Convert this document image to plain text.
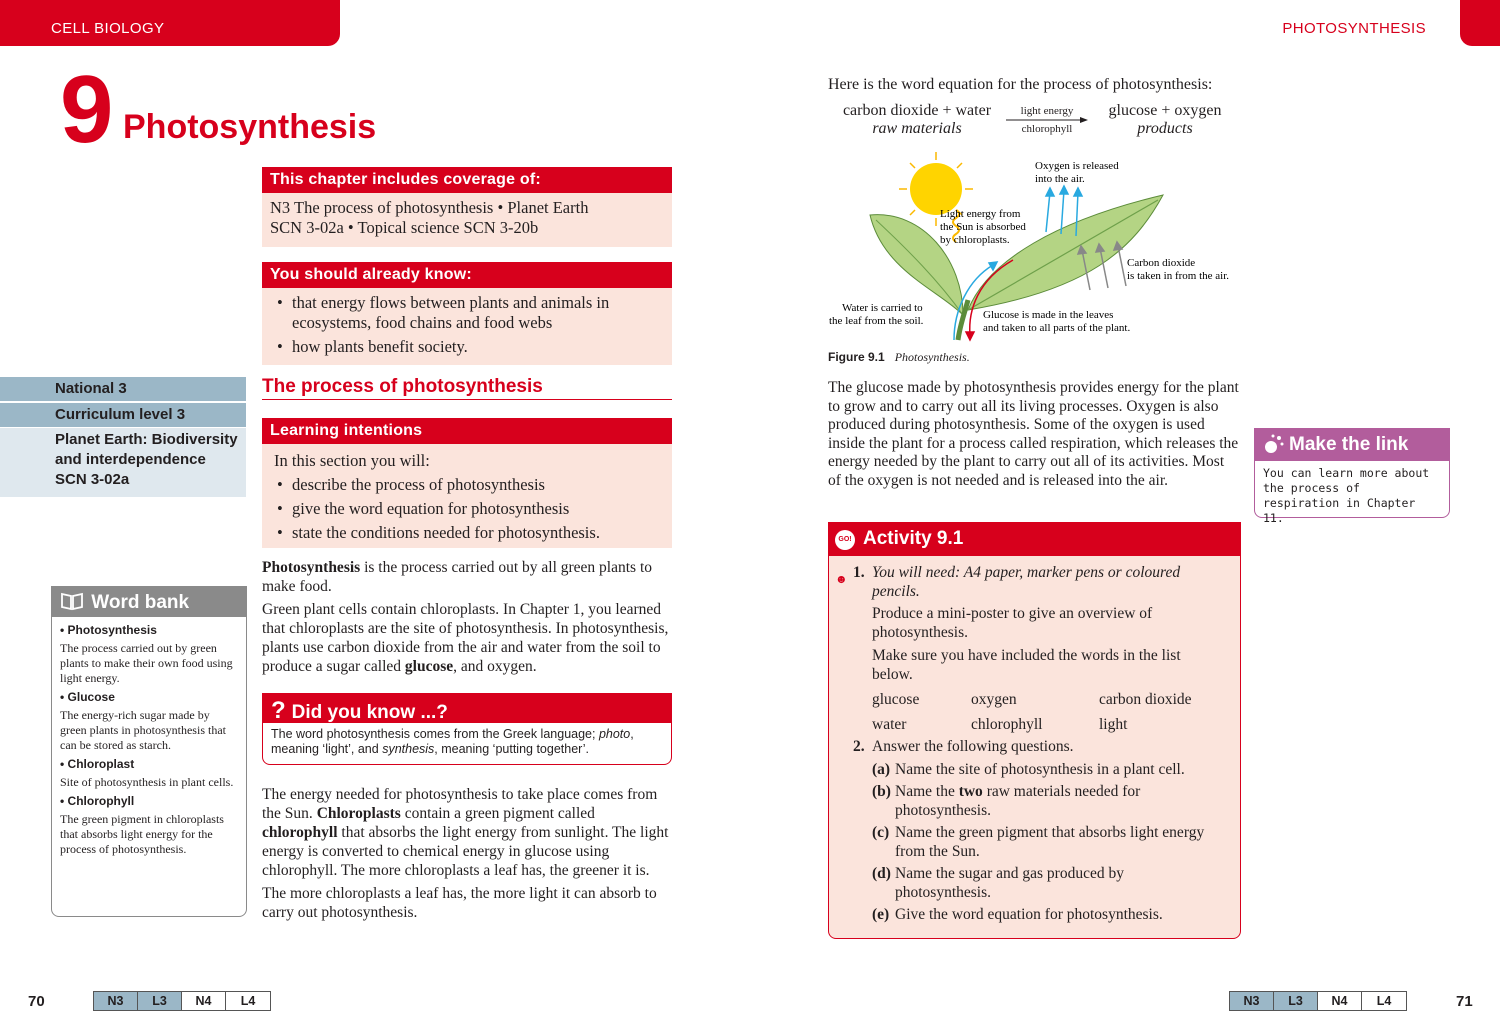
CELL BIOLOGY	PHOTOSYNTHESIS
9 Photosynthesis
This chapter includes coverage of:
N3 The process of photosynthesis • Planet Earth
SCN 3-02a • Topical science SCN 3-20b
You should already know:
• that energy flows between plants and animals in ecosystems, food chains and food webs
• how plants benefit society.
National 3
Curriculum level 3
Planet Earth: Biodiversity
and interdependence
SCN 3-02a
The process of photosynthesis
Learning intentions
In this section you will:
• describe the process of photosynthesis
• give the word equation for photosynthesis
• state the conditions needed for photosynthesis.

Photosynthesis is the process carried out by all green plants to make food.

Green plant cells contain chloroplasts. In Chapter 1, you learned that chloroplasts are the site of photosynthesis. In photosynthesis, plants use carbon dioxide from the air and water from the soil to produce a sugar called glucose, and oxygen.

Word bank
• Photosynthesis
The process carried out by green plants to make their own food using light energy.
• Glucose
The energy-rich sugar made by green plants in photosynthesis that can be stored as starch.
• Chloroplast
Site of photosynthesis in plant cells.
• Chlorophyll
The green pigment in chloroplasts that absorbs light energy for the process of photosynthesis.
? Did you know ...?
The word photosynthesis comes from the Greek language; photo, meaning ‘light’, and synthesis, meaning ‘putting together’.

The energy needed for photosynthesis to take place comes from the Sun. Chloroplasts contain a green pigment called chlorophyll that absorbs the light energy from sunlight. The light energy is converted to chemical energy in glucose using chlorophyll. The more chloroplasts a leaf has, the greener it is.

The more chloroplasts a leaf has, the more light it can absorb to carry out photosynthesis.

Here is the word equation for the process of photosynthesis:
carbon dioxide + water
raw materials
light energy
chlorophyll
glucose + oxygen
products
Oxygen is released
into the air.
Light energy from
the Sun is absorbed
by chloroplasts.
Carbon dioxide
is taken in from the air.
Water is carried to
the leaf from the soil.	Glucose is made in the leaves
and taken to all parts of the plant.
Figure 9.1 Photosynthesis.
The glucose made by photosynthesis provides energy for the plant to grow and to carry out all its living processes. Oxygen is also produced during photosynthesis. Some of the oxygen is used inside the plant for a process called respiration, which releases the energy needed by the plant to carry out all of its activities. Most of the oxygen is not needed and is released into the air.
Make the link
You can learn more about the process of respiration in Chapter 11.
GO! Activity 9.1
☻ 1. You will need: A4 paper, marker pens or coloured pencils.
Produce a mini-poster to give an overview of photosynthesis.
Make sure you have included the words in the list below.
glucose	oxygen	carbon dioxide
water	chlorophyll	light
2. Answer the following questions.
(a) Name the site of photosynthesis in a plant cell.
(b) Name the two raw materials needed for photosynthesis.
(c) Name the green pigment that absorbs light energy from the Sun.
(d) Name the sugar and gas produced by photosynthesis.
(e) Give the word equation for photosynthesis.
70	N3	L3	N4	L4	N3	L3	N4	L4	71
